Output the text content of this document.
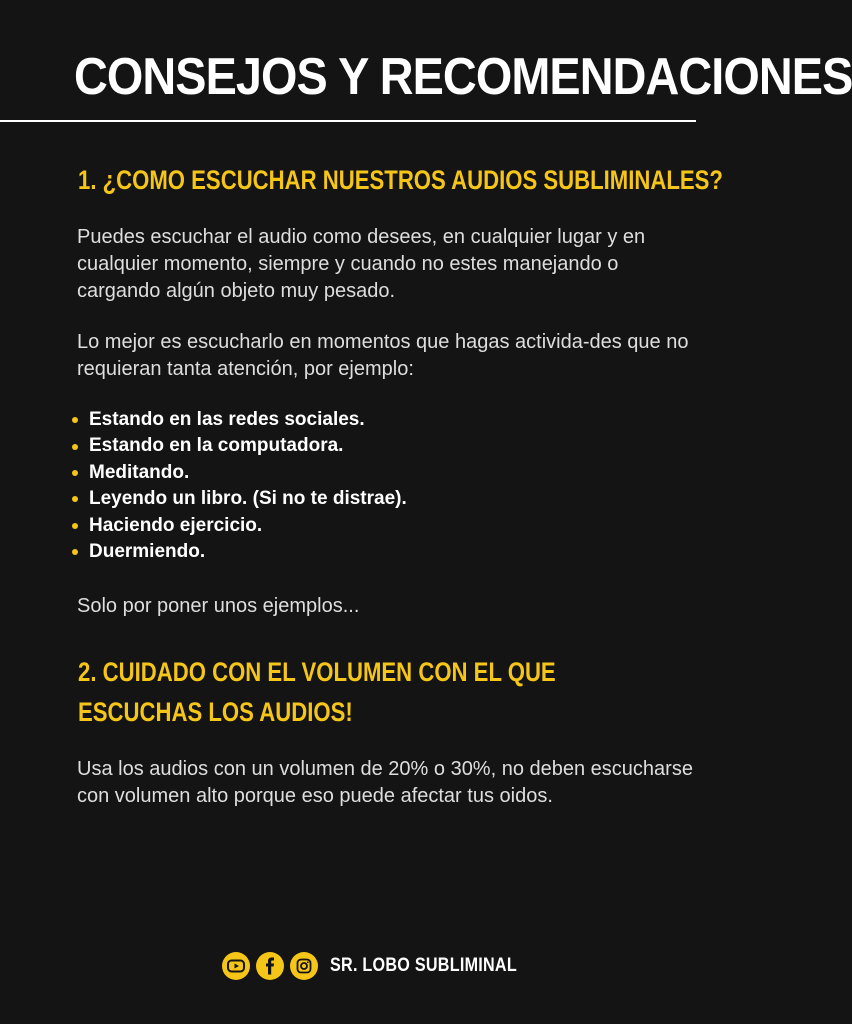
CONSEJOS Y RECOMENDACIONES
1. ¿COMO ESCUCHAR NUESTROS AUDIOS SUBLIMINALES?

Puedes escuchar el audio como desees, en cualquier lugar y en cualquier momento, siempre y cuando no estes manejando o cargando algún objeto muy pesado.

Lo mejor es escucharlo en momentos que hagas activida-des que no requieran tanta atención, por ejemplo:

Estando en las redes sociales.
Estando en la computadora.
Meditando.
Leyendo un libro. (Si no te distrae).
Haciendo ejercicio.
Duermiendo.

Solo por poner unos ejemplos...

2. CUIDADO CON EL VOLUMEN CON EL QUE ESCUCHAS LOS AUDIOS!

Usa los audios con un volumen de 20% o 30%, no deben escucharse con volumen alto porque eso puede afectar tus oidos.

SR. LOBO SUBLIMINAL
